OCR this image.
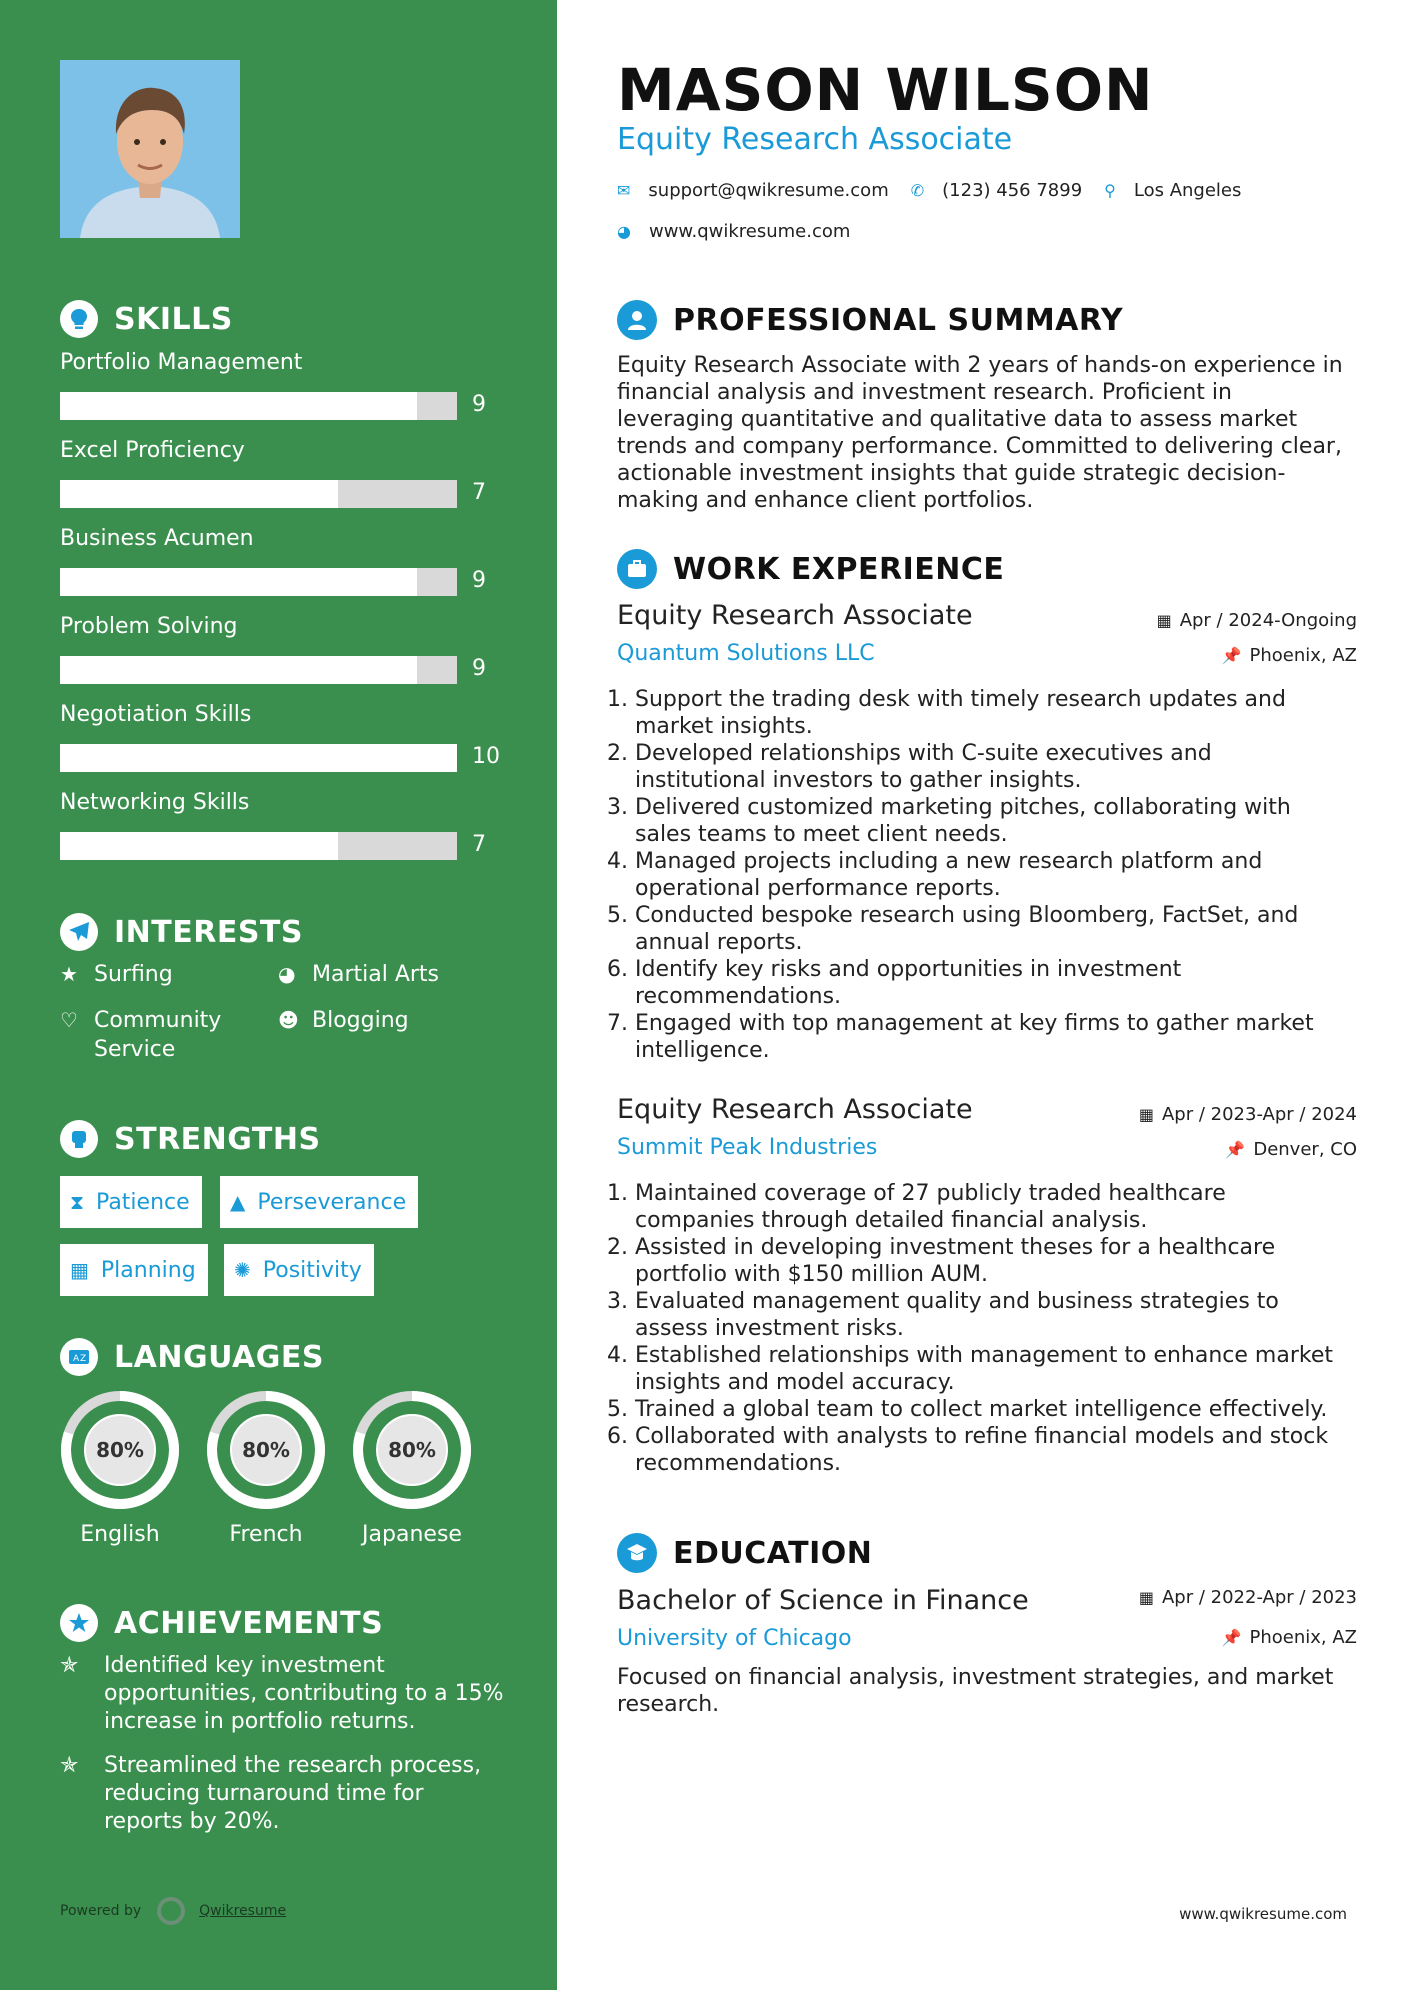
SKILLS
Portfolio Management
9
Excel Proficiency
7
Business Acumen
9
Problem Solving
9
Negotiation Skills
10
Networking Skills
7
INTERESTS
★ Surfing	◕ Martial Arts
♡ Community Service
☻ Blogging
STRENGTHS
⧗ Patience ▲ Perseverance
▦ Planning ✺ Positivity
A Z LANGUAGES
80%
English
80%
French
80%
Japanese
ACHIEVEMENTS
✯	Identified key investment opportunities, contributing to a 15% increase in portfolio returns.
✯	Streamlined the research process, reducing turnaround time for reports by 20%.
Powered by	Qwikresume
MASON WILSON
Equity Research Associate
✉ support@qwikresume.com ✆ (123) 456 7899 ⚲ Los Angeles
◕ www.qwikresume.com
PROFESSIONAL SUMMARY
Equity Research Associate with 2 years of hands-on experience in financial analysis and investment research. Proficient in leveraging quantitative and qualitative data to assess market trends and company performance. Committed to delivering clear, actionable investment insights that guide strategic decision-making and enhance client portfolios.
WORK EXPERIENCE
Equity Research Associate	▦ Apr / 2024-Ongoing
Quantum Solutions LLC	📌 Phoenix, AZ
1. Support the trading desk with timely research updates and market insights.
2. Developed relationships with C-suite executives and institutional investors to gather insights.
3. Delivered customized marketing pitches, collaborating with sales teams to meet client needs.
4. Managed projects including a new research platform and operational performance reports.
5. Conducted bespoke research using Bloomberg, FactSet, and annual reports.
6. Identify key risks and opportunities in investment recommendations.
7. Engaged with top management at key firms to gather market intelligence.
Equity Research Associate	▦ Apr / 2023-Apr / 2024
Summit Peak Industries	📌 Denver, CO
1. Maintained coverage of 27 publicly traded healthcare companies through detailed financial analysis.
2. Assisted in developing investment theses for a healthcare portfolio with $150 million AUM.
3. Evaluated management quality and business strategies to assess investment risks.
4. Established relationships with management to enhance market insights and model accuracy.
5. Trained a global team to collect market intelligence effectively.
6. Collaborated with analysts to refine financial models and stock recommendations.
EDUCATION
Bachelor of Science in Finance	▦ Apr / 2022-Apr / 2023
University of Chicago	📌 Phoenix, AZ
Focused on financial analysis, investment strategies, and market research.
www.qwikresume.com
